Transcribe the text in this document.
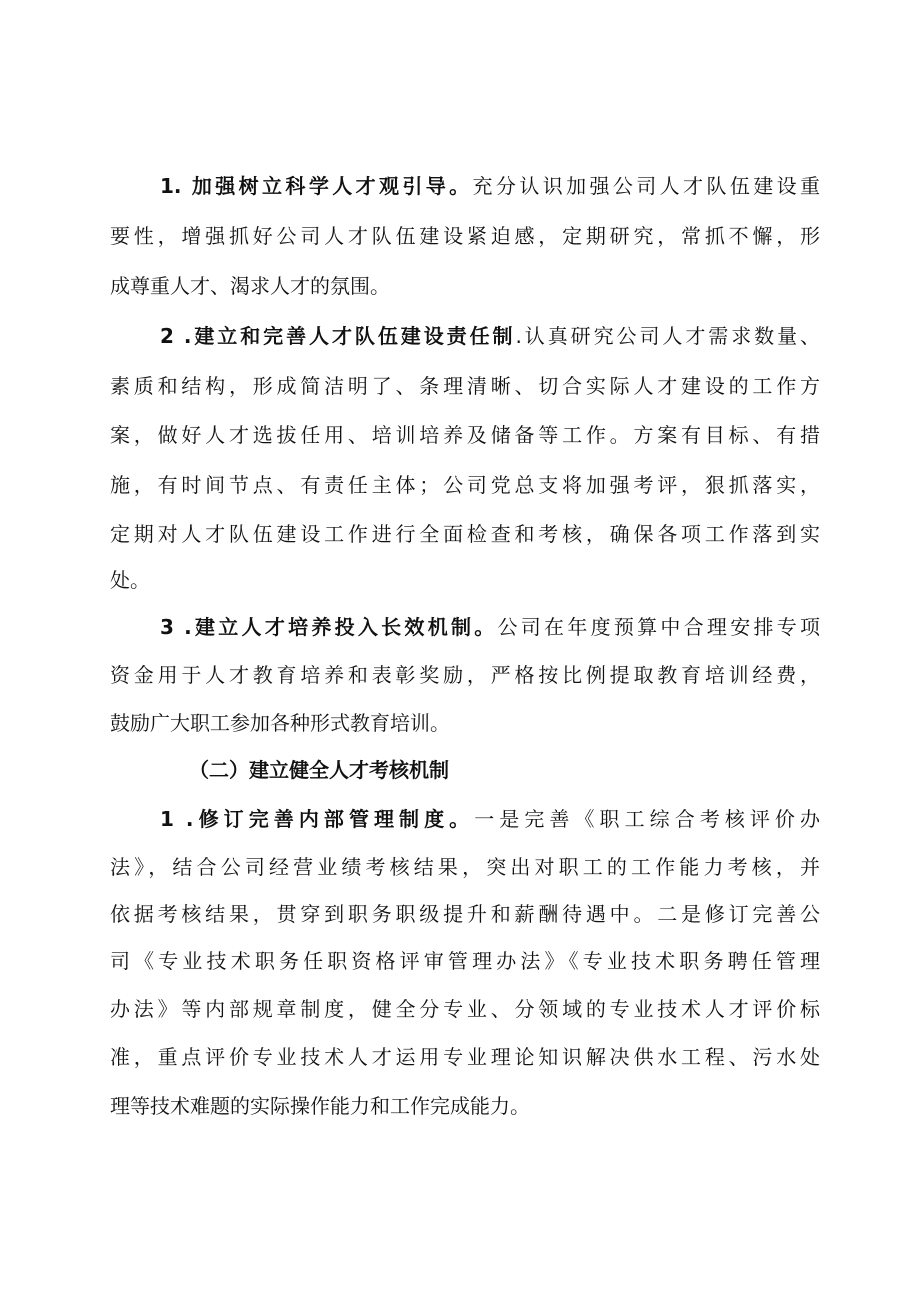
1. 加强树立科学人才观引导。充分认识加强公司人才队伍建设重
要性，增强抓好公司人才队伍建设紧迫感，定期研究，常抓不懈，形
成尊重人才、渴求人才的氛围。
2 .建立和完善人才队伍建设责任制.认真研究公司人才需求数量、
素质和结构，形成简洁明了、条理清晰、切合实际人才建设的工作方
案，做好人才选拔任用、培训培养及储备等工作。方案有目标、有措
施，有时间节点、有责任主体；公司党总支将加强考评，狠抓落实，
定期对人才队伍建设工作进行全面检查和考核，确保各项工作落到实
处。
3 .建立人才培养投入长效机制。公司在年度预算中合理安排专项
资金用于人才教育培养和表彰奖励，严格按比例提取教育培训经费，
鼓励广大职工参加各种形式教育培训。
（二）建立健全人才考核机制
1 .修订完善内部管理制度。一是完善《职工综合考核评价办
法》，结合公司经营业绩考核结果，突出对职工的工作能力考核，并
依据考核结果，贯穿到职务职级提升和薪酬待遇中。二是修订完善公
司《专业技术职务任职资格评审管理办法》《专业技术职务聘任管理
办法》等内部规章制度，健全分专业、分领域的专业技术人才评价标
准，重点评价专业技术人才运用专业理论知识解决供水工程、污水处
理等技术难题的实际操作能力和工作完成能力。
